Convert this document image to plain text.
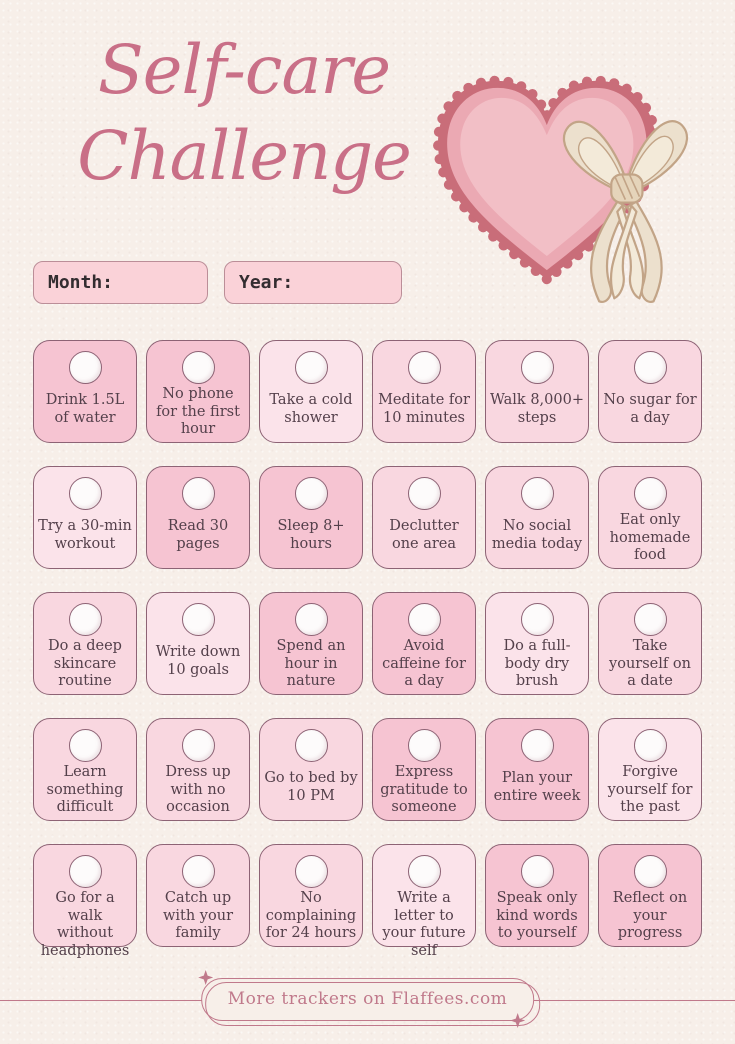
Self-care
Challenge
Month:	Year:
Drink 1.5L of water
No phone for the first hour
Take a cold shower
Meditate for 10 minutes
Walk 8,000+ steps
No sugar for a day
Try a 30-min workout
Read 30 pages
Sleep 8+ hours
Declutter one area
No social media today
Eat only homemade food
Do a deep skincare routine
Write down 10 goals
Spend an hour in nature
Avoid caffeine for a day
Do a full-body dry brush
Take yourself on a date
Learn something difficult
Dress up with no occasion
Go to bed by 10 PM
Express gratitude to someone
Plan your entire week
Forgive yourself for the past
Go for a walk without headphones
Catch up with your family
No complaining for 24 hours
Write a letter to your future self
Speak only kind words to yourself
Reflect on your progress
More trackers on Flaffees.com
